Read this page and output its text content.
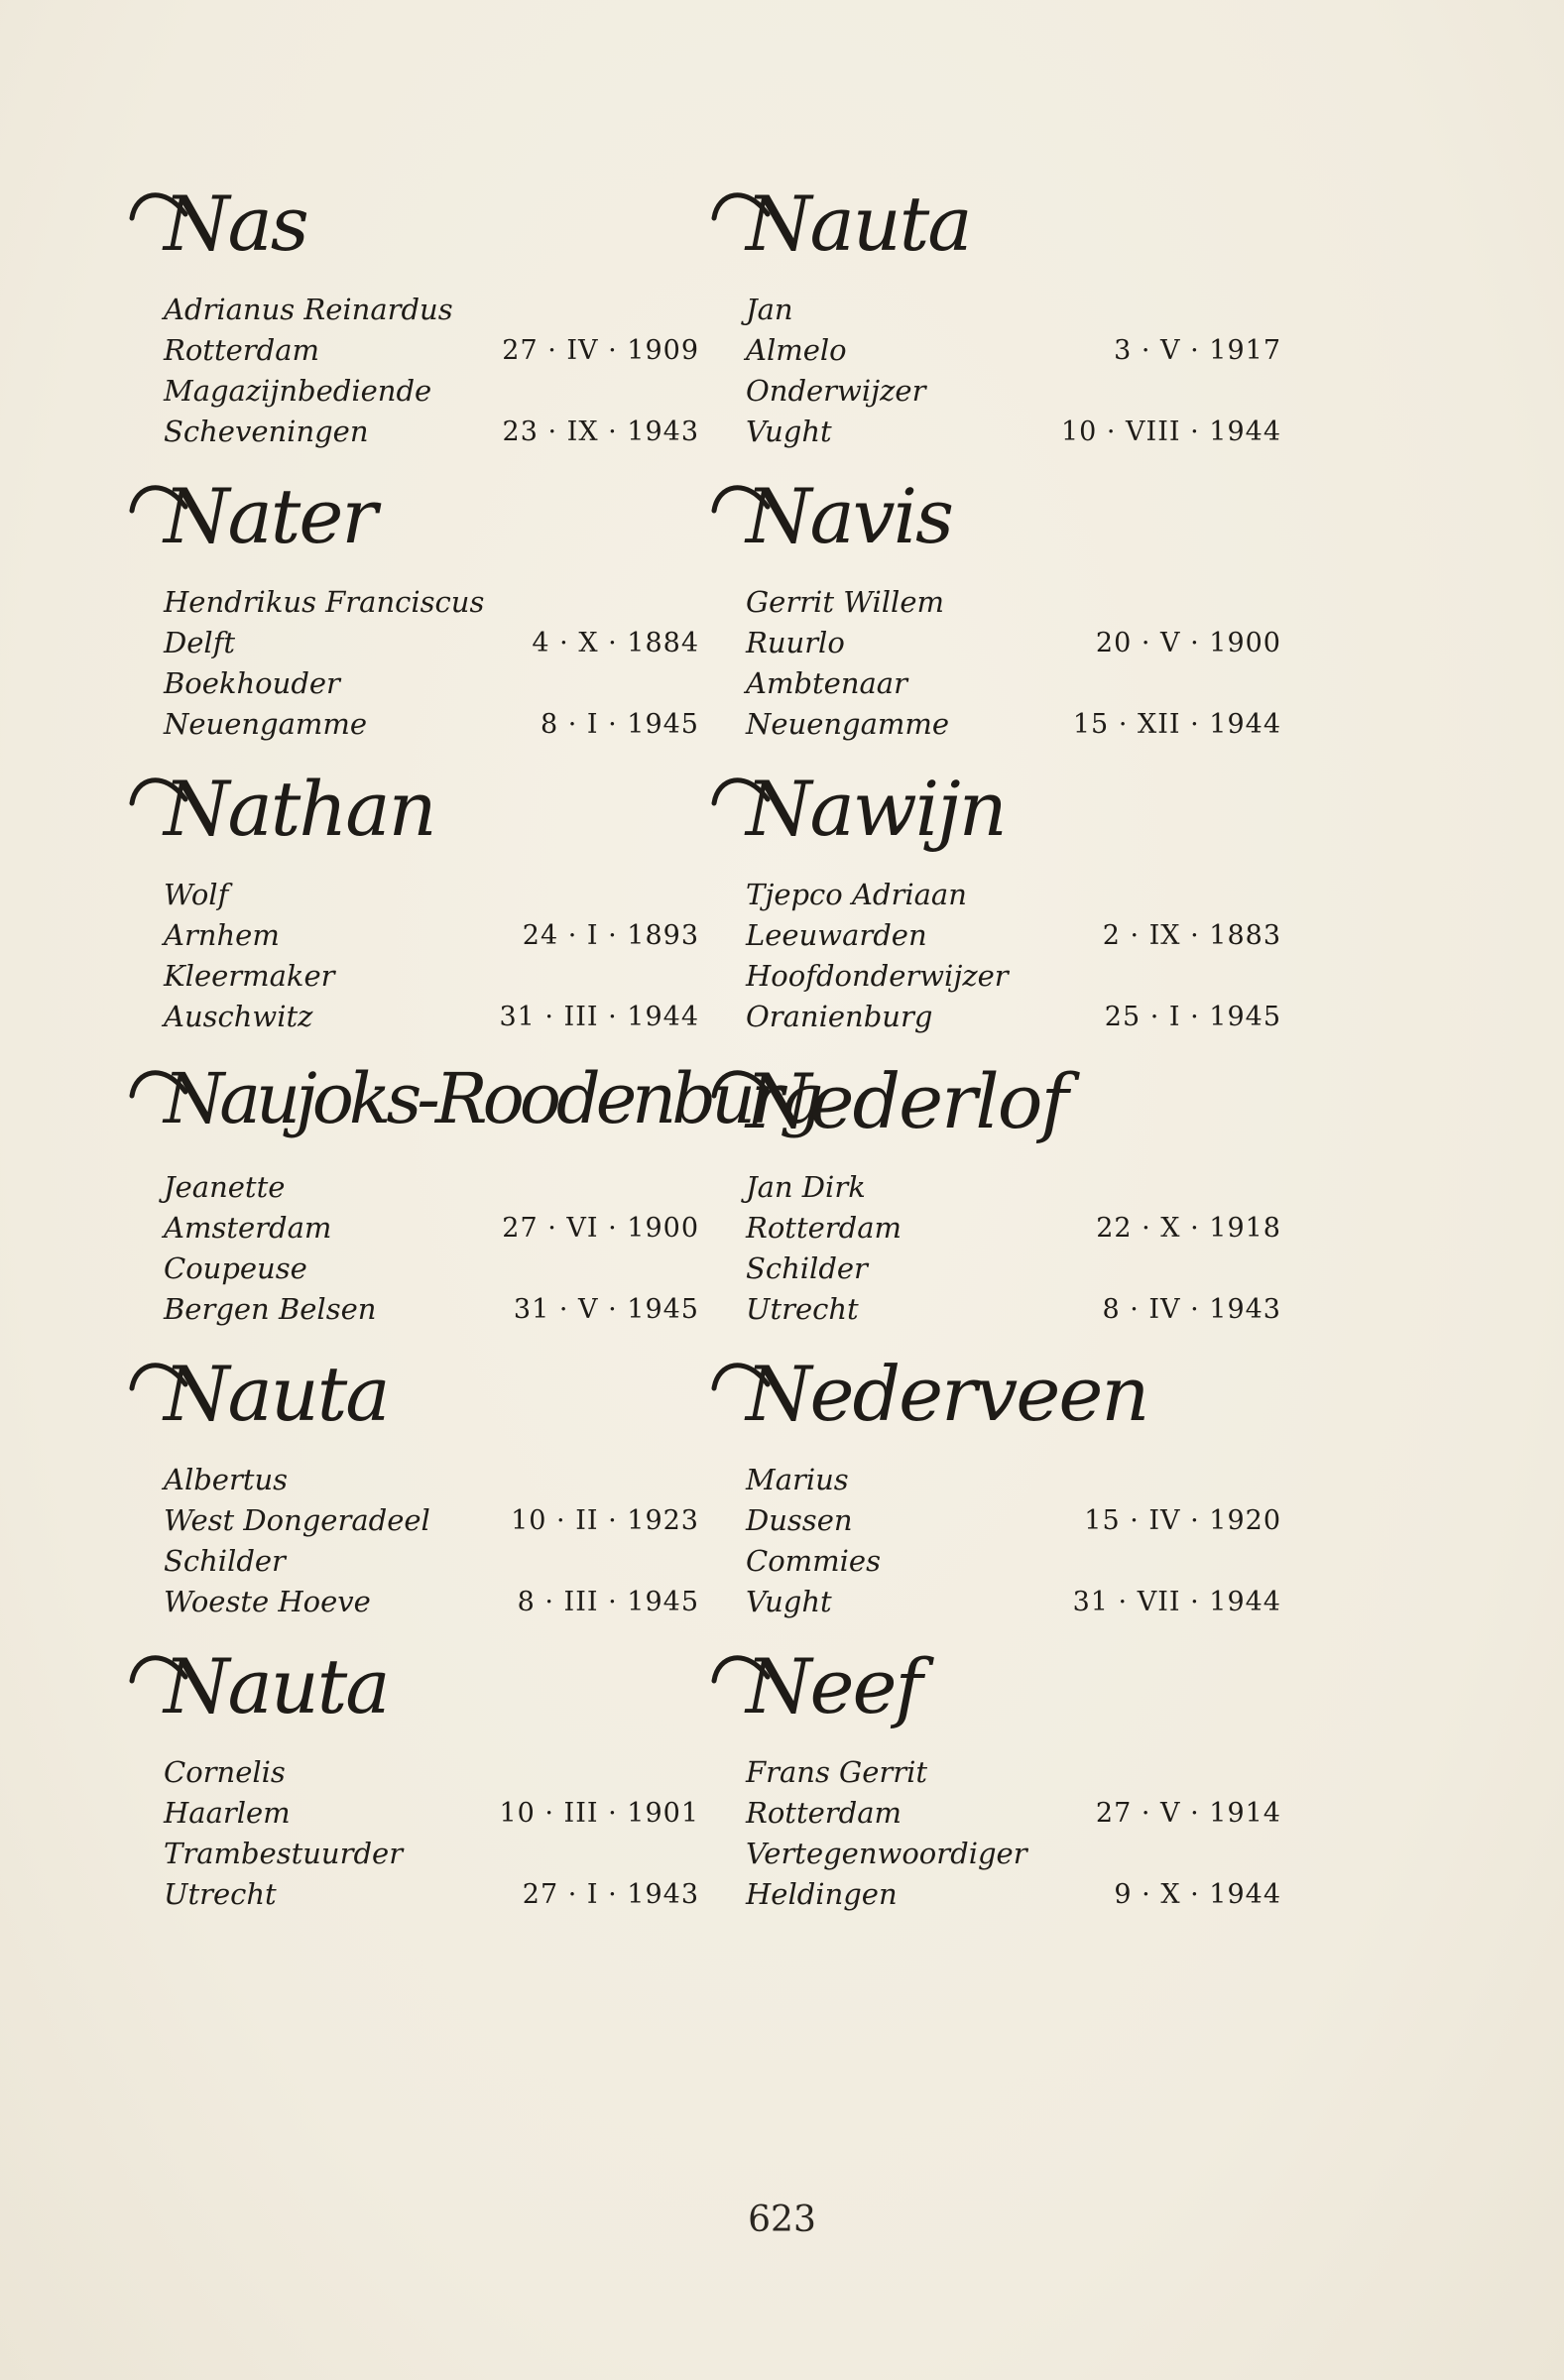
Nas
Adrianus Reinardus
Rotterdam	27 · IV · 1909
Magazijnbediende
Scheveningen	23 · IX · 1943
Nater
Hendrikus Franciscus
Delft	4 · X · 1884
Boekhouder
Neuengamme	8 · I · 1945
Nathan
Wolf
Arnhem	24 · I · 1893
Kleermaker
Auschwitz	31 · III · 1944
Naujoks-Roodenburg
Jeanette
Amsterdam	27 · VI · 1900
Coupeuse
Bergen Belsen	31 · V · 1945
Nauta
Albertus
West Dongeradeel	10 · II · 1923
Schilder
Woeste Hoeve	8 · III · 1945
Nauta
Cornelis
Haarlem	10 · III · 1901
Trambestuurder
Utrecht	27 · I · 1943
Nauta
Jan
Almelo	3 · V · 1917
Onderwijzer
Vught	10 · VIII · 1944
Navis
Gerrit Willem
Ruurlo	20 · V · 1900
Ambtenaar
Neuengamme	15 · XII · 1944
Nawijn
Tjepco Adriaan
Leeuwarden	2 · IX · 1883
Hoofdonderwijzer
Oranienburg	25 · I · 1945
Nederlof
Jan Dirk
Rotterdam	22 · X · 1918
Schilder
Utrecht	8 · IV · 1943
Nederveen
Marius
Dussen	15 · IV · 1920
Commies
Vught	31 · VII · 1944
Neef
Frans Gerrit
Rotterdam	27 · V · 1914
Vertegenwoordiger
Heldingen	9 · X · 1944
623
